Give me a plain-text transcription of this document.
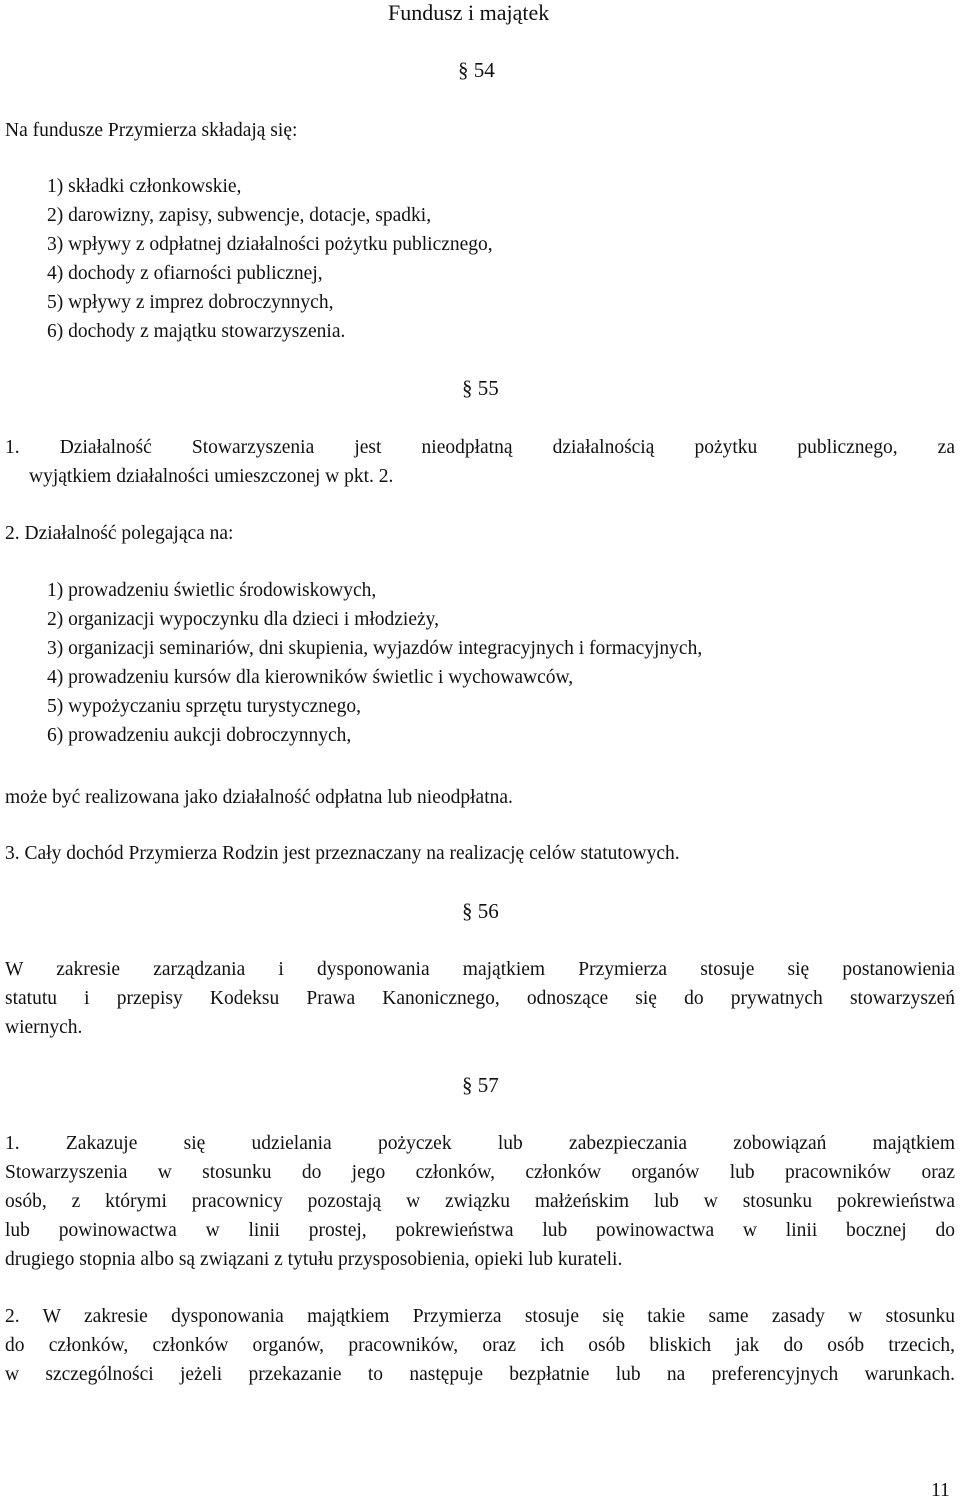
Fundusz i majątek
§ 54
Na fundusze Przymierza składają się:
1) składki członkowskie,
2) darowizny, zapisy, subwencje, dotacje, spadki,
3) wpływy z odpłatnej działalności pożytku publicznego,
4) dochody z ofiarności publicznej,
5) wpływy z imprez dobroczynnych,
6) dochody z majątku stowarzyszenia.
§ 55
1. Działalność Stowarzyszenia jest nieodpłatną działalnością pożytku publicznego, za
wyjątkiem działalności umieszczonej w pkt. 2.
2. Działalność polegająca na:
1) prowadzeniu świetlic środowiskowych,
2) organizacji wypoczynku dla dzieci i młodzieży,
3) organizacji seminariów, dni skupienia, wyjazdów integracyjnych i formacyjnych,
4) prowadzeniu kursów dla kierowników świetlic i wychowawców,
5) wypożyczaniu sprzętu turystycznego,
6) prowadzeniu aukcji dobroczynnych,
może być realizowana jako działalność odpłatna lub nieodpłatna.
3. Cały dochód Przymierza Rodzin jest przeznaczany na realizację celów statutowych.
§ 56
W zakresie zarządzania i dysponowania majątkiem Przymierza stosuje się postanowienia
statutu i przepisy Kodeksu Prawa Kanonicznego, odnoszące się do prywatnych stowarzyszeń
wiernych.
§ 57
1. Zakazuje się udzielania pożyczek lub zabezpieczania zobowiązań majątkiem
Stowarzyszenia w stosunku do jego członków, członków organów lub pracowników oraz
osób, z którymi pracownicy pozostają w związku małżeńskim lub w stosunku pokrewieństwa
lub powinowactwa w linii prostej, pokrewieństwa lub powinowactwa w linii bocznej do
drugiego stopnia albo są związani z tytułu przysposobienia, opieki lub kurateli.
2. W zakresie dysponowania majątkiem Przymierza stosuje się takie same zasady w stosunku
do członków, członków organów, pracowników, oraz ich osób bliskich jak do osób trzecich,
w szczególności jeżeli przekazanie to następuje bezpłatnie lub na preferencyjnych warunkach.
11
